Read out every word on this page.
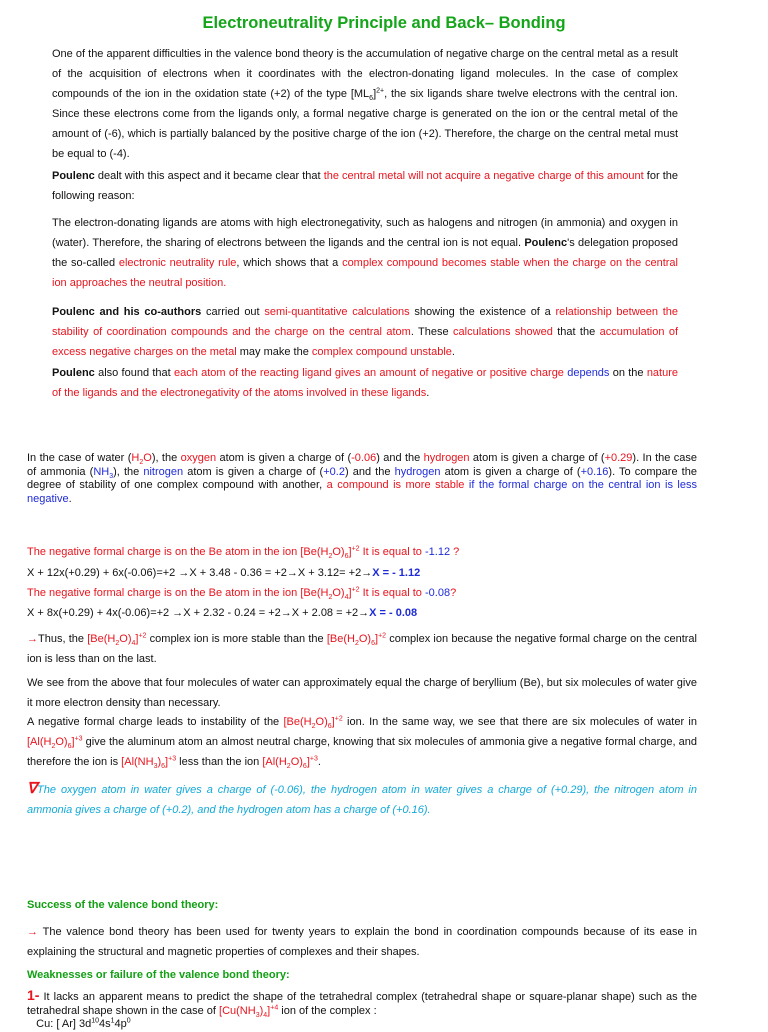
Electroneutrality Principle and Back– Bonding
One of the apparent difficulties in the valence bond theory is the accumulation of negative charge on the central metal as a result of the acquisition of electrons when it coordinates with the electron-donating ligand molecules. In the case of complex compounds of the ion in the oxidation state (+2) of the type $[ML_6]^{2+}$, the six ligands share twelve electrons with the central ion. Since these electrons come from the ligands only, a formal negative charge is generated on the ion or the central metal of the amount of (-6), which is partially balanced by the positive charge of the ion (+2). Therefore, the charge on the central metal must be equal to (-4).
Poulenc dealt with this aspect and it became clear that the central metal will not acquire a negative charge of this amount for the following reason:
The electron-donating ligands are atoms with high electronegativity, such as halogens and nitrogen (in ammonia) and oxygen in (water). Therefore, the sharing of electrons between the ligands and the central ion is not equal. Poulenc's delegation proposed the so-called electronic neutrality rule, which shows that a complex compound becomes stable when the charge on the central ion approaches the neutral position.
Poulenc and his co-authors carried out semi-quantitative calculations showing the existence of a relationship between the stability of coordination compounds and the charge on the central atom. These calculations showed that the accumulation of excess negative charges on the metal may make the complex compound unstable.
Poulenc also found that each atom of the reacting ligand gives an amount of negative or positive charge depends on the nature of the ligands and the electronegativity of the atoms involved in these ligands.
In the case of water $(H_2O)$, the oxygen atom is given a charge of (-0.06) and the hydrogen atom is given a charge of (+0.29). In the case of ammonia $(NH_3)$, the nitrogen atom is given a charge of (+0.2) and the hydrogen atom is given a charge of (+0.16). To compare the degree of stability of one complex compound with another, a compound is more stable if the formal charge on the central ion is less negative.
The negative formal charge is on the Be atom in the ion $[Be(H_2O)_6]^{+2}$ It is equal to -1.12 ?
X + 12x(+0.29) + 6x(-0.06)=+2 →X + 3.48 - 0.36 = +2→X + 3.12= +2→X = - 1.12
The negative formal charge is on the Be atom in the ion $[Be(H_2O)_4]^{+2}$ It is equal to -0.08?
X + 8x(+0.29) + 4x(-0.06)=+2 →X + 2.32 - 0.24 = +2→X + 2.08 = +2→X = - 0.08
→Thus, the $[Be(H_2O)_4]^{+2}$ complex ion is more stable than the $[Be(H_2O)_6]^{+2}$ complex ion because the negative formal charge on the central ion is less than on the last.
We see from the above that four molecules of water can approximately equal the charge of beryllium (Be), but six molecules of water give it more electron density than necessary.
A negative formal charge leads to instability of the $[Be(H_2O)_6]^{+2}$ ion. In the same way, we see that there are six molecules of water in $[Al(H_2O)_6]^{+3}$ give the aluminum atom an almost neutral charge, knowing that six molecules of ammonia give a negative formal charge, and therefore the ion is $[Al(NH_3)_6]^{+3}$ less than the ion $[Al(H_2O)_6]^{+3}$.
∇The oxygen atom in water gives a charge of (-0.06), the hydrogen atom in water gives a charge of (+0.29), the nitrogen atom in ammonia gives a charge of (+0.2), and the hydrogen atom has a charge of (+0.16).
Success of the valence bond theory:
→ The valence bond theory has been used for twenty years to explain the bond in coordination compounds because of its ease in explaining the structural and magnetic properties of complexes and their shapes.
Weaknesses or failure of the valence bond theory:
1- It lacks an apparent means to predict the shape of the tetrahedral complex (tetrahedral shape or square-planar shape) such as the tetrahedral shape shown in the case of $[Cu(NH_3)_4]^{+4}$ ion of the complex :
Cu: [ Ar] $3d^{10}4s^14p^0$
